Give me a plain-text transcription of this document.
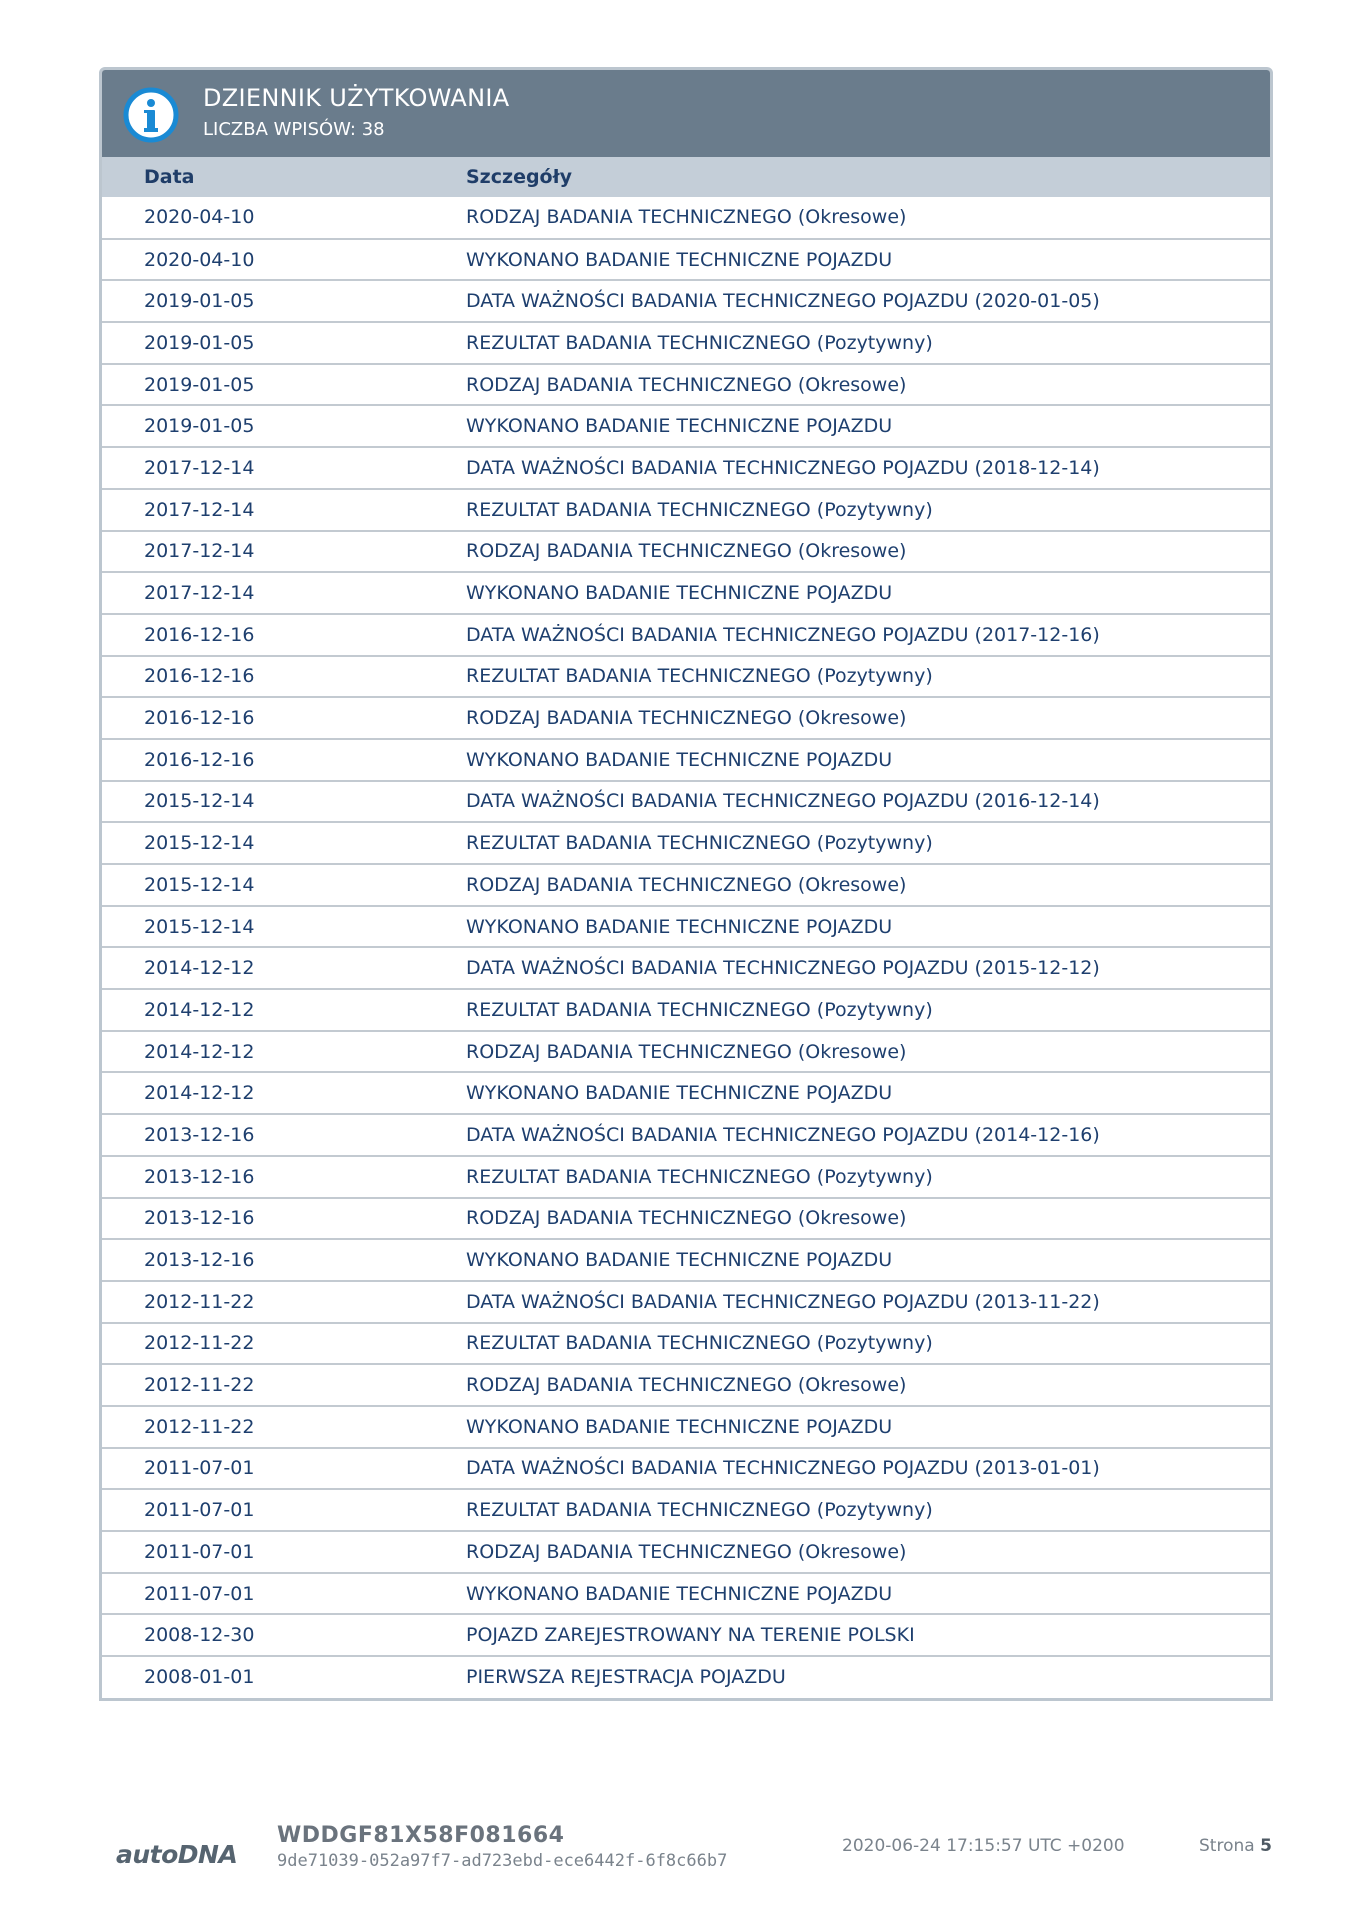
DZIENNIK UŻYTKOWANIA
LICZBA WPISÓW: 38
Data	Szczegóły
2020-04-10	RODZAJ BADANIA TECHNICZNEGO (Okresowe)
2020-04-10	WYKONANO BADANIE TECHNICZNE POJAZDU
2019-01-05	DATA WAŻNOŚCI BADANIA TECHNICZNEGO POJAZDU (2020-01-05)
2019-01-05	REZULTAT BADANIA TECHNICZNEGO (Pozytywny)
2019-01-05	RODZAJ BADANIA TECHNICZNEGO (Okresowe)
2019-01-05	WYKONANO BADANIE TECHNICZNE POJAZDU
2017-12-14	DATA WAŻNOŚCI BADANIA TECHNICZNEGO POJAZDU (2018-12-14)
2017-12-14	REZULTAT BADANIA TECHNICZNEGO (Pozytywny)
2017-12-14	RODZAJ BADANIA TECHNICZNEGO (Okresowe)
2017-12-14	WYKONANO BADANIE TECHNICZNE POJAZDU
2016-12-16	DATA WAŻNOŚCI BADANIA TECHNICZNEGO POJAZDU (2017-12-16)
2016-12-16	REZULTAT BADANIA TECHNICZNEGO (Pozytywny)
2016-12-16	RODZAJ BADANIA TECHNICZNEGO (Okresowe)
2016-12-16	WYKONANO BADANIE TECHNICZNE POJAZDU
2015-12-14	DATA WAŻNOŚCI BADANIA TECHNICZNEGO POJAZDU (2016-12-14)
2015-12-14	REZULTAT BADANIA TECHNICZNEGO (Pozytywny)
2015-12-14	RODZAJ BADANIA TECHNICZNEGO (Okresowe)
2015-12-14	WYKONANO BADANIE TECHNICZNE POJAZDU
2014-12-12	DATA WAŻNOŚCI BADANIA TECHNICZNEGO POJAZDU (2015-12-12)
2014-12-12	REZULTAT BADANIA TECHNICZNEGO (Pozytywny)
2014-12-12	RODZAJ BADANIA TECHNICZNEGO (Okresowe)
2014-12-12	WYKONANO BADANIE TECHNICZNE POJAZDU
2013-12-16	DATA WAŻNOŚCI BADANIA TECHNICZNEGO POJAZDU (2014-12-16)
2013-12-16	REZULTAT BADANIA TECHNICZNEGO (Pozytywny)
2013-12-16	RODZAJ BADANIA TECHNICZNEGO (Okresowe)
2013-12-16	WYKONANO BADANIE TECHNICZNE POJAZDU
2012-11-22	DATA WAŻNOŚCI BADANIA TECHNICZNEGO POJAZDU (2013-11-22)
2012-11-22	REZULTAT BADANIA TECHNICZNEGO (Pozytywny)
2012-11-22	RODZAJ BADANIA TECHNICZNEGO (Okresowe)
2012-11-22	WYKONANO BADANIE TECHNICZNE POJAZDU
2011-07-01	DATA WAŻNOŚCI BADANIA TECHNICZNEGO POJAZDU (2013-01-01)
2011-07-01	REZULTAT BADANIA TECHNICZNEGO (Pozytywny)
2011-07-01	RODZAJ BADANIA TECHNICZNEGO (Okresowe)
2011-07-01	WYKONANO BADANIE TECHNICZNE POJAZDU
2008-12-30	POJAZD ZAREJESTROWANY NA TERENIE POLSKI
2008-01-01	PIERWSZA REJESTRACJA POJAZDU
autoDNA
WDDGF81X58F081664
9de71039-052a97f7-ad723ebd-ece6442f-6f8c66b7
2020-06-24 17:15:57 UTC +0200	Strona 5
